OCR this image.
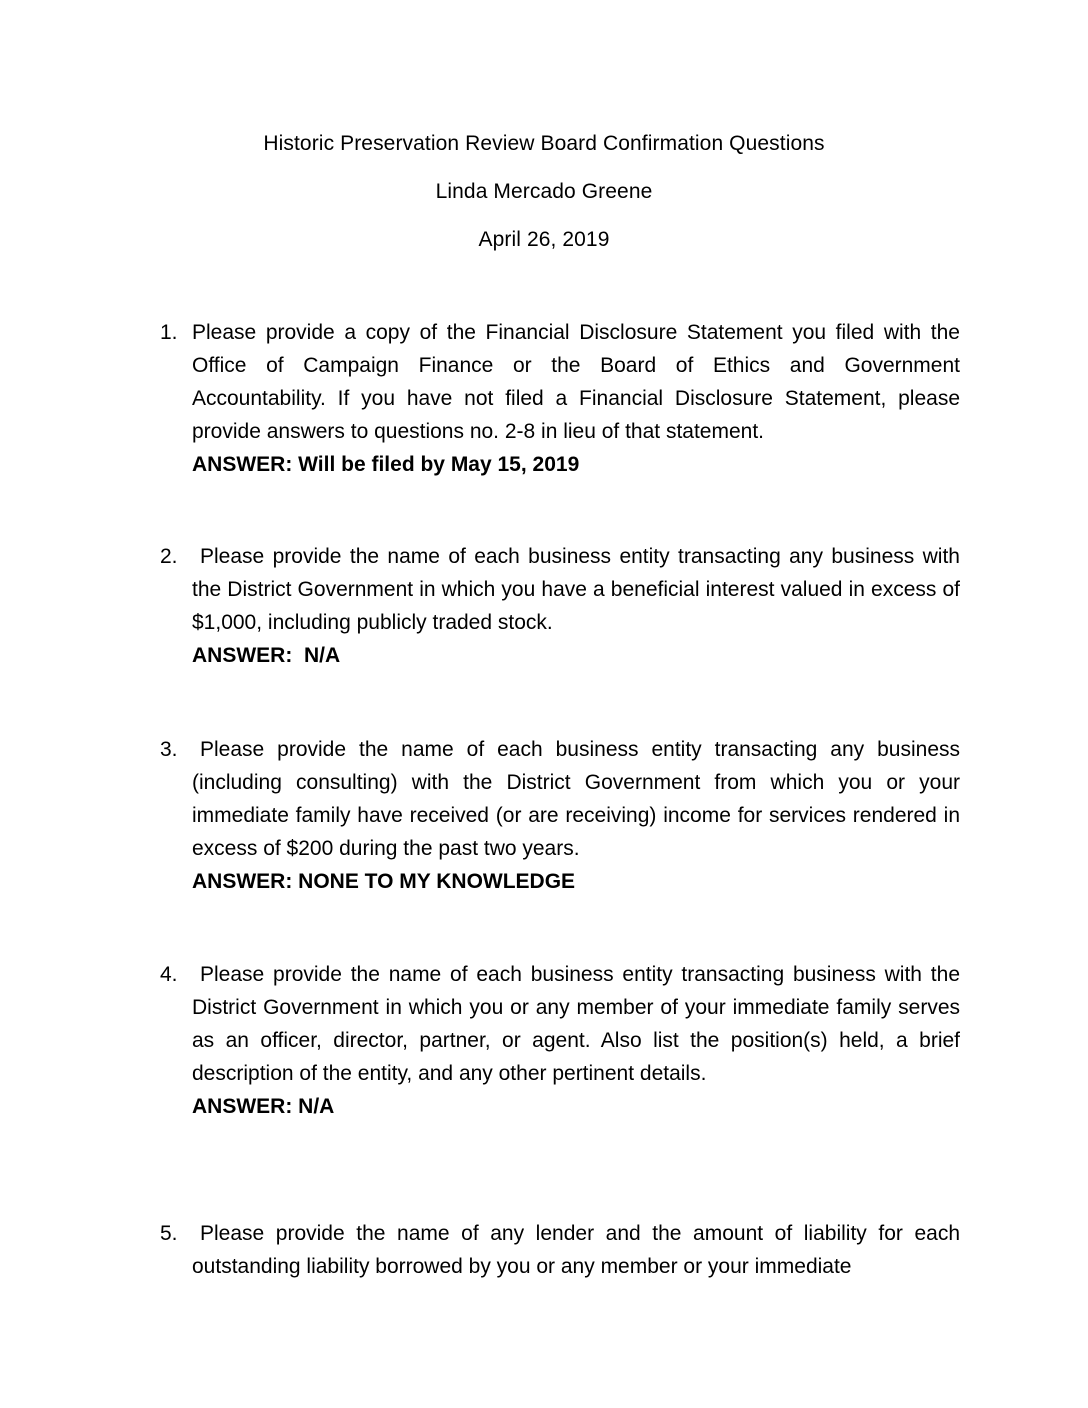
Historic Preservation Review Board Confirmation Questions
Linda Mercado Greene
April 26, 2019
1. Please provide a copy of the Financial Disclosure Statement you filed with the Office of Campaign Finance or the Board of Ethics and Government Accountability. If you have not filed a Financial Disclosure Statement, please provide answers to questions no. 2-8 in lieu of that statement.

ANSWER: Will be filed by May 15, 2019

2.	Please provide the name of each business entity transacting any business with the District Government in which you have a beneficial interest valued in excess of $1,000, including publicly traded stock.

ANSWER:  N/A

3.	Please provide the name of each business entity transacting any business (including consulting) with the District Government from which you or your immediate family have received (or are receiving) income for services rendered in excess of $200 during the past two years.

ANSWER: NONE TO MY KNOWLEDGE

4.	Please provide the name of each business entity transacting business with the District Government in which you or any member of your immediate family serves as an officer, director, partner, or agent. Also list the position(s) held, a brief description of the entity, and any other pertinent details.

ANSWER: N/A

5.	Please provide the name of any lender and the amount of liability for each outstanding liability borrowed by you or any member or your immediate
